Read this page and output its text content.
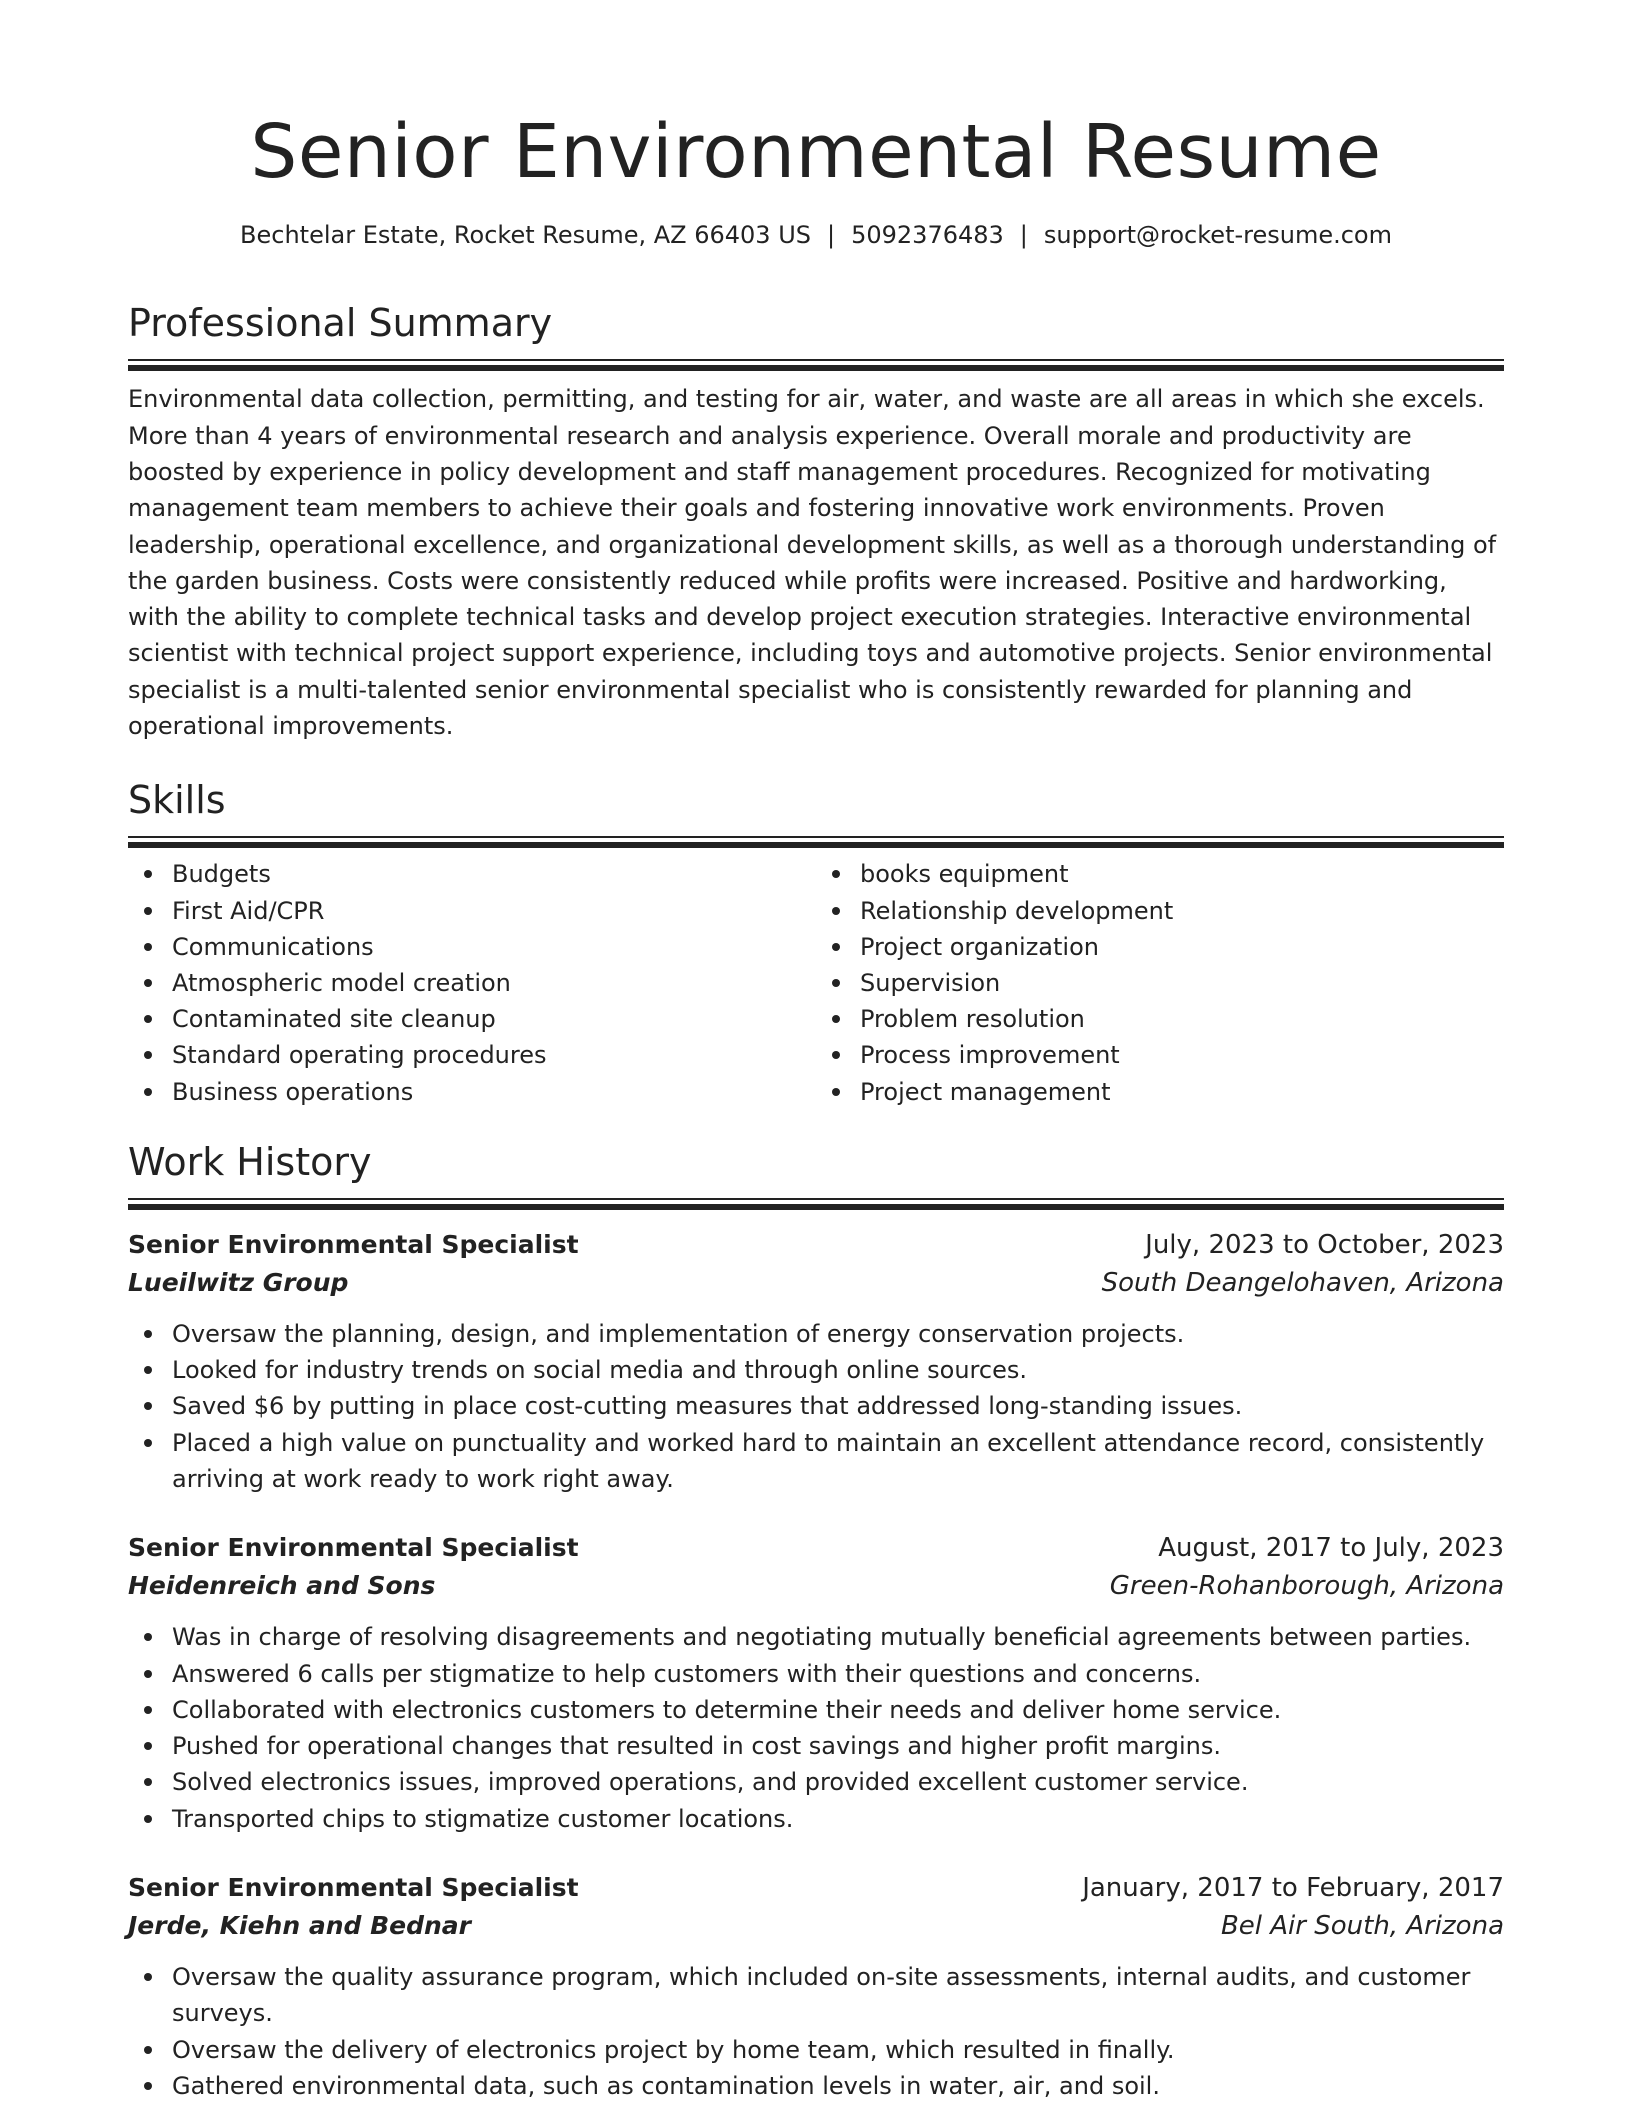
Senior Environmental Resume
Bechtelar Estate, Rocket Resume, AZ 66403 US | 5092376483 | support@rocket-resume.com
Professional Summary

Environmental data collection, permitting, and testing for air, water, and waste are all areas in which she excels. More than 4 years of environmental research and analysis experience. Overall morale and productivity are boosted by experience in policy development and staff management procedures. Recognized for motivating management team members to achieve their goals and fostering innovative work environments. Proven leadership, operational excellence, and organizational development skills, as well as a thorough understanding of the garden business. Costs were consistently reduced while profits were increased. Positive and hardworking, with the ability to complete technical tasks and develop project execution strategies. Interactive environmental scientist with technical project support experience, including toys and automotive projects. Senior environmental specialist is a multi-talented senior environmental specialist who is consistently rewarded for planning and operational improvements.

Skills
Budgets
First Aid/CPR
Communications
Atmospheric model creation
Contaminated site cleanup
Standard operating procedures
Business operations
books equipment
Relationship development
Project organization
Supervision
Problem resolution
Process improvement
Project management
Work History
Senior Environmental Specialist	July, 2023 to October, 2023
Lueilwitz Group	South Deangelohaven, Arizona
Oversaw the planning, design, and implementation of energy conservation projects.
Looked for industry trends on social media and through online sources.
Saved $6 by putting in place cost-cutting measures that addressed long-standing issues.
Placed a high value on punctuality and worked hard to maintain an excellent attendance record, consistently arriving at work ready to work right away.
Senior Environmental Specialist	August, 2017 to July, 2023
Heidenreich and Sons	Green-Rohanborough, Arizona
Was in charge of resolving disagreements and negotiating mutually beneficial agreements between parties.
Answered 6 calls per stigmatize to help customers with their questions and concerns.
Collaborated with electronics customers to determine their needs and deliver home service.
Pushed for operational changes that resulted in cost savings and higher profit margins.
Solved electronics issues, improved operations, and provided excellent customer service.
Transported chips to stigmatize customer locations.
Senior Environmental Specialist	January, 2017 to February, 2017
Jerde, Kiehn and Bednar	Bel Air South, Arizona
Oversaw the quality assurance program, which included on-site assessments, internal audits, and customer surveys.
Oversaw the delivery of electronics project by home team, which resulted in finally.
Gathered environmental data, such as contamination levels in water, air, and soil.
